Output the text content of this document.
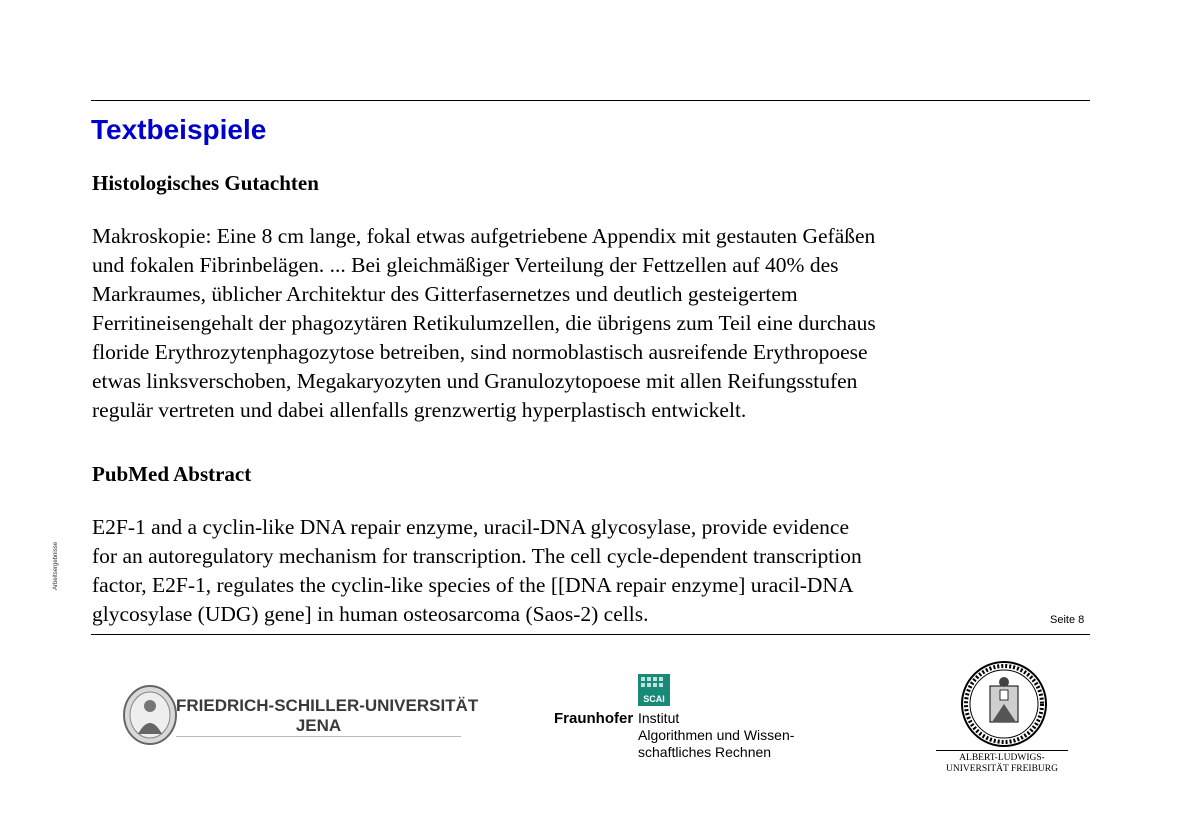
Textbeispiele
Histologisches Gutachten
Makroskopie: Eine 8 cm lange, fokal etwas aufgetriebene Appendix mit gestauten Gefäßen
und fokalen Fibrinbelägen. ... Bei gleichmäßiger Verteilung der Fettzellen auf 40% des
Markraumes, üblicher Architektur des Gitterfasernetzes und deutlich gesteigertem
Ferritineisengehalt der phagozytären Retikulumzellen, die übrigens zum Teil eine durchaus
floride Erythrozytenphagozytose betreiben, sind normoblastisch ausreifende Erythropoese
etwas linksverschoben, Megakaryozyten und Granulozytopoese mit allen Reifungsstufen
regulär vertreten und dabei allenfalls grenzwertig hyperplastisch entwickelt.
PubMed Abstract
E2F-1 and a cyclin-like DNA repair enzyme, uracil-DNA glycosylase, provide evidence
for an autoregulatory mechanism for transcription. The cell cycle-dependent transcription
factor, E2F-1, regulates the cyclin-like species of the [[DNA repair enzyme] uracil-DNA
glycosylase (UDG) gene] in human osteosarcoma (Saos-2) cells.
Arbeitsergebnisse
Seite 8
FRIEDRICH-SCHILLER-UNIVERSITÄT
JENA
SCAI
Fraunhofer Institut
Algorithmen und Wissen-
schaftliches Rechnen	ALBERT-LUDWIGS-
UNIVERSITÄT FREIBURG
